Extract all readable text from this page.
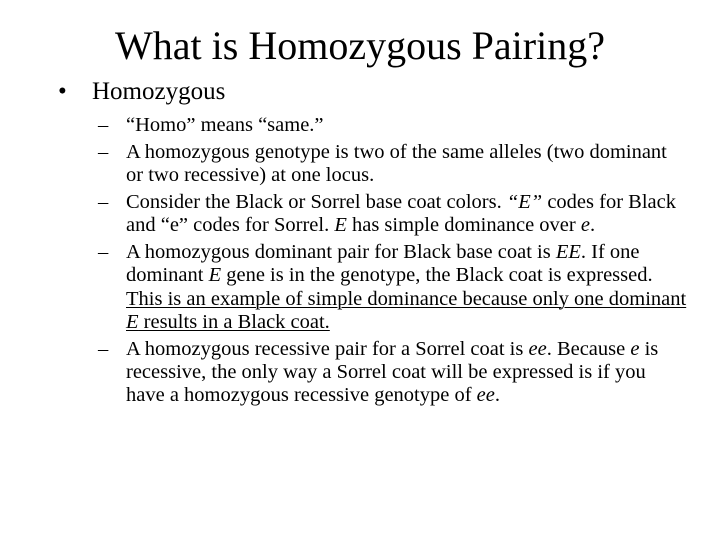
What is Homozygous Pairing?
• Homozygous
– “Homo” means “same.”
– A homozygous genotype is two of the same alleles (two dominant or two recessive) at one locus.
– Consider the Black or Sorrel base coat colors. “E” codes for Black and “e” codes for Sorrel. E has simple dominance over e.
– A homozygous dominant pair for Black base coat is EE. If one dominant E gene is in the genotype, the Black coat is expressed. This is an example of simple dominance because only one dominant E results in a Black coat.
– A homozygous recessive pair for a Sorrel coat is ee. Because e is recessive, the only way a Sorrel coat will be expressed is if you have a homozygous recessive genotype of ee.
